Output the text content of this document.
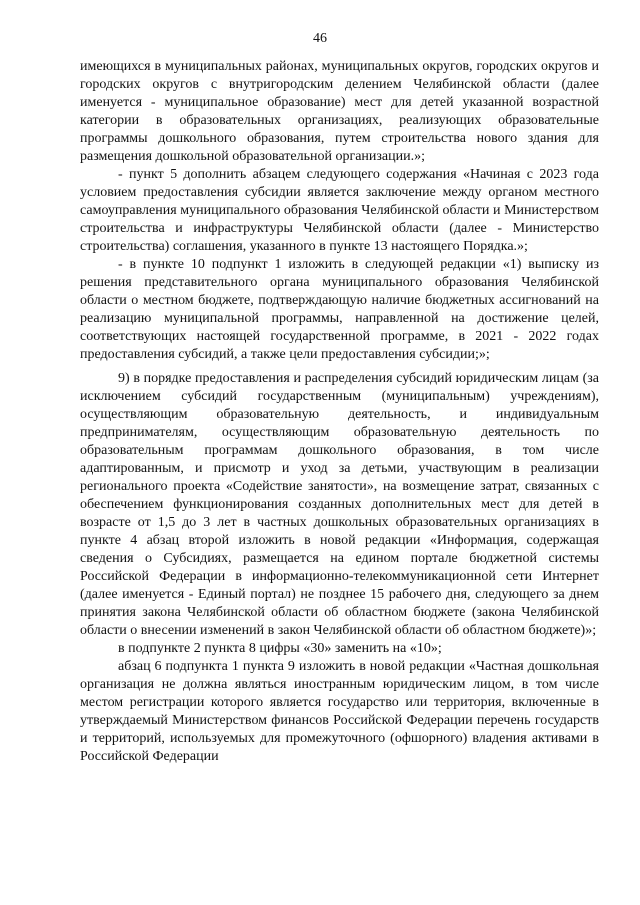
46

имеющихся в муниципальных районах, муниципальных округов, городских округов и городских округов с внутригородским делением Челябинской области (далее именуется - муниципальное образование) мест для детей указанной возрастной категории в образовательных организациях, реализующих образовательные программы дошкольного образования, путем строительства нового здания для размещения дошкольной образовательной организации.»;

- пункт 5 дополнить абзацем следующего содержания «Начиная с 2023 года условием предоставления субсидии является заключение между органом местного самоуправления муниципального образования Челябинской области и Министерством строительства и инфраструктуры Челябинской области (далее - Министерство строительства) соглашения, указанного в пункте 13 настоящего Порядка.»;

- в пункте 10 подпункт 1 изложить в следующей редакции «1) выписку из решения представительного органа муниципального образования Челябинской области о местном бюджете, подтверждающую наличие бюджетных ассигнований на реализацию муниципальной программы, направленной на достижение целей, соответствующих настоящей государственной программе, в 2021 - 2022 годах предоставления субсидий, а также цели предоставления субсидии;»;

9) в порядке предоставления и распределения субсидий юридическим лицам (за исключением субсидий государственным (муниципальным) учреждениям), осуществляющим образовательную деятельность, и индивидуальным предпринимателям, осуществляющим образовательную деятельность по образовательным программам дошкольного образования, в том числе адаптированным, и присмотр и уход за детьми, участвующим в реализации регионального проекта «Содействие занятости», на возмещение затрат, связанных с обеспечением функционирования созданных дополнительных мест для детей в возрасте от 1,5 до 3 лет в частных дошкольных образовательных организациях в пункте 4 абзац второй изложить в новой редакции «Информация, содержащая сведения о Субсидиях, размещается на едином портале бюджетной системы Российской Федерации в информационно-телекоммуникационной сети Интернет (далее именуется - Единый портал) не позднее 15 рабочего дня, следующего за днем принятия закона Челябинской области об областном бюджете (закона Челябинской области о внесении изменений в закон Челябинской области об областном бюджете)»;

в подпункте 2 пункта 8 цифры «30» заменить на «10»;

абзац 6 подпункта 1 пункта 9 изложить в новой редакции «Частная дошкольная организация не должна являться иностранным юридическим лицом, в том числе местом регистрации которого является государство или территория, включенные в утверждаемый Министерством финансов Российской Федерации перечень государств и территорий, используемых для промежуточного (офшорного) владения активами в Российской Федерации
